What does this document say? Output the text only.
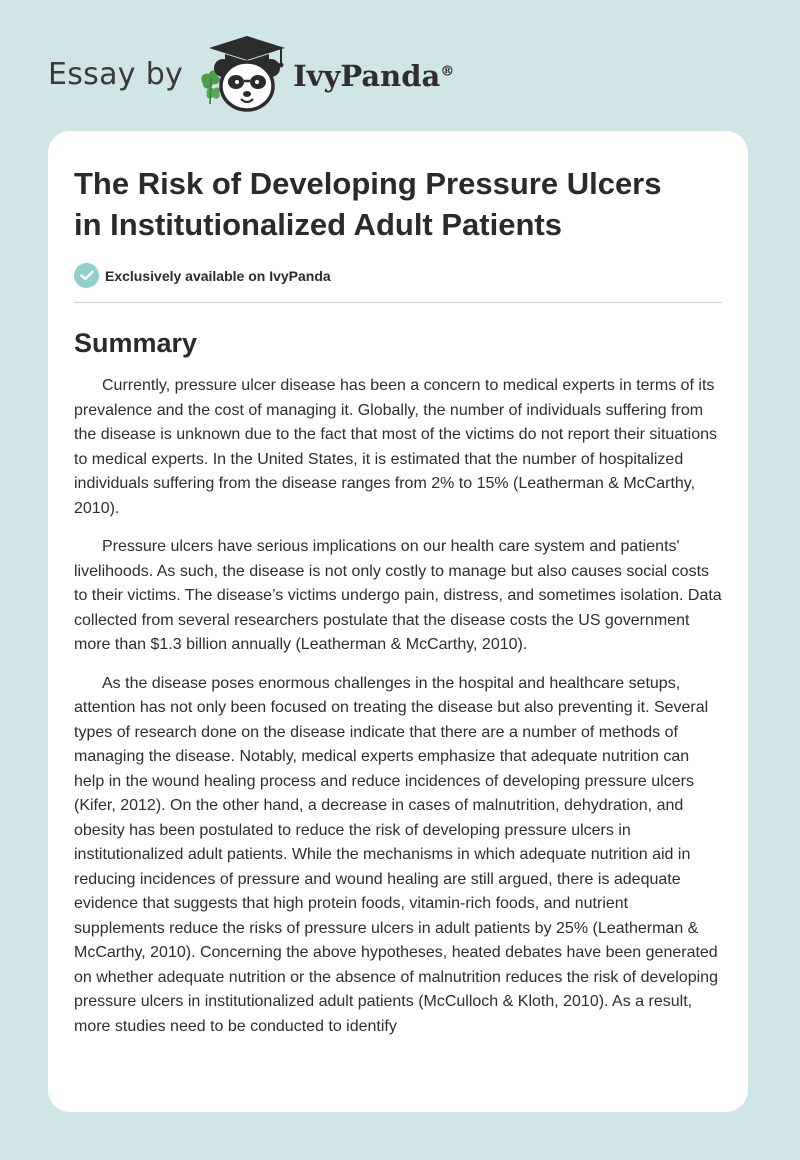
Essay by	IvyPanda®
The Risk of Developing Pressure Ulcers
in Institutionalized Adult Patients
Exclusively available on IvyPanda
Summary

Currently, pressure ulcer disease has been a concern to medical experts in terms of its prevalence and the cost of managing it. Globally, the number of individuals suffering from the disease is unknown due to the fact that most of the victims do not report their situations to medical experts. In the United States, it is estimated that the number of hospitalized individuals suffering from the disease ranges from 2% to 15% (Leatherman & McCarthy, 2010).

Pressure ulcers have serious implications on our health care system and patients' livelihoods. As such, the disease is not only costly to manage but also causes social costs to their victims. The disease’s victims undergo pain, distress, and sometimes isolation. Data collected from several researchers postulate that the disease costs the US government more than $1.3 billion annually (Leatherman & McCarthy, 2010).

As the disease poses enormous challenges in the hospital and healthcare setups, attention has not only been focused on treating the disease but also preventing it. Several types of research done on the disease indicate that there are a number of methods of managing the disease. Notably, medical experts emphasize that adequate nutrition can help in the wound healing process and reduce incidences of developing pressure ulcers (Kifer, 2012). On the other hand, a decrease in cases of malnutrition, dehydration, and obesity has been postulated to reduce the risk of developing pressure ulcers in institutionalized adult patients. While the mechanisms in which adequate nutrition aid in reducing incidences of pressure and wound healing are still argued, there is adequate evidence that suggests that high protein foods, vitamin-rich foods, and nutrient supplements reduce the risks of pressure ulcers in adult patients by 25% (Leatherman & McCarthy, 2010). Concerning the above hypotheses, heated debates have been generated on whether adequate nutrition or the absence of malnutrition reduces the risk of developing pressure ulcers in institutionalized adult patients (McCulloch & Kloth, 2010). As a result, more studies need to be conducted to identify
